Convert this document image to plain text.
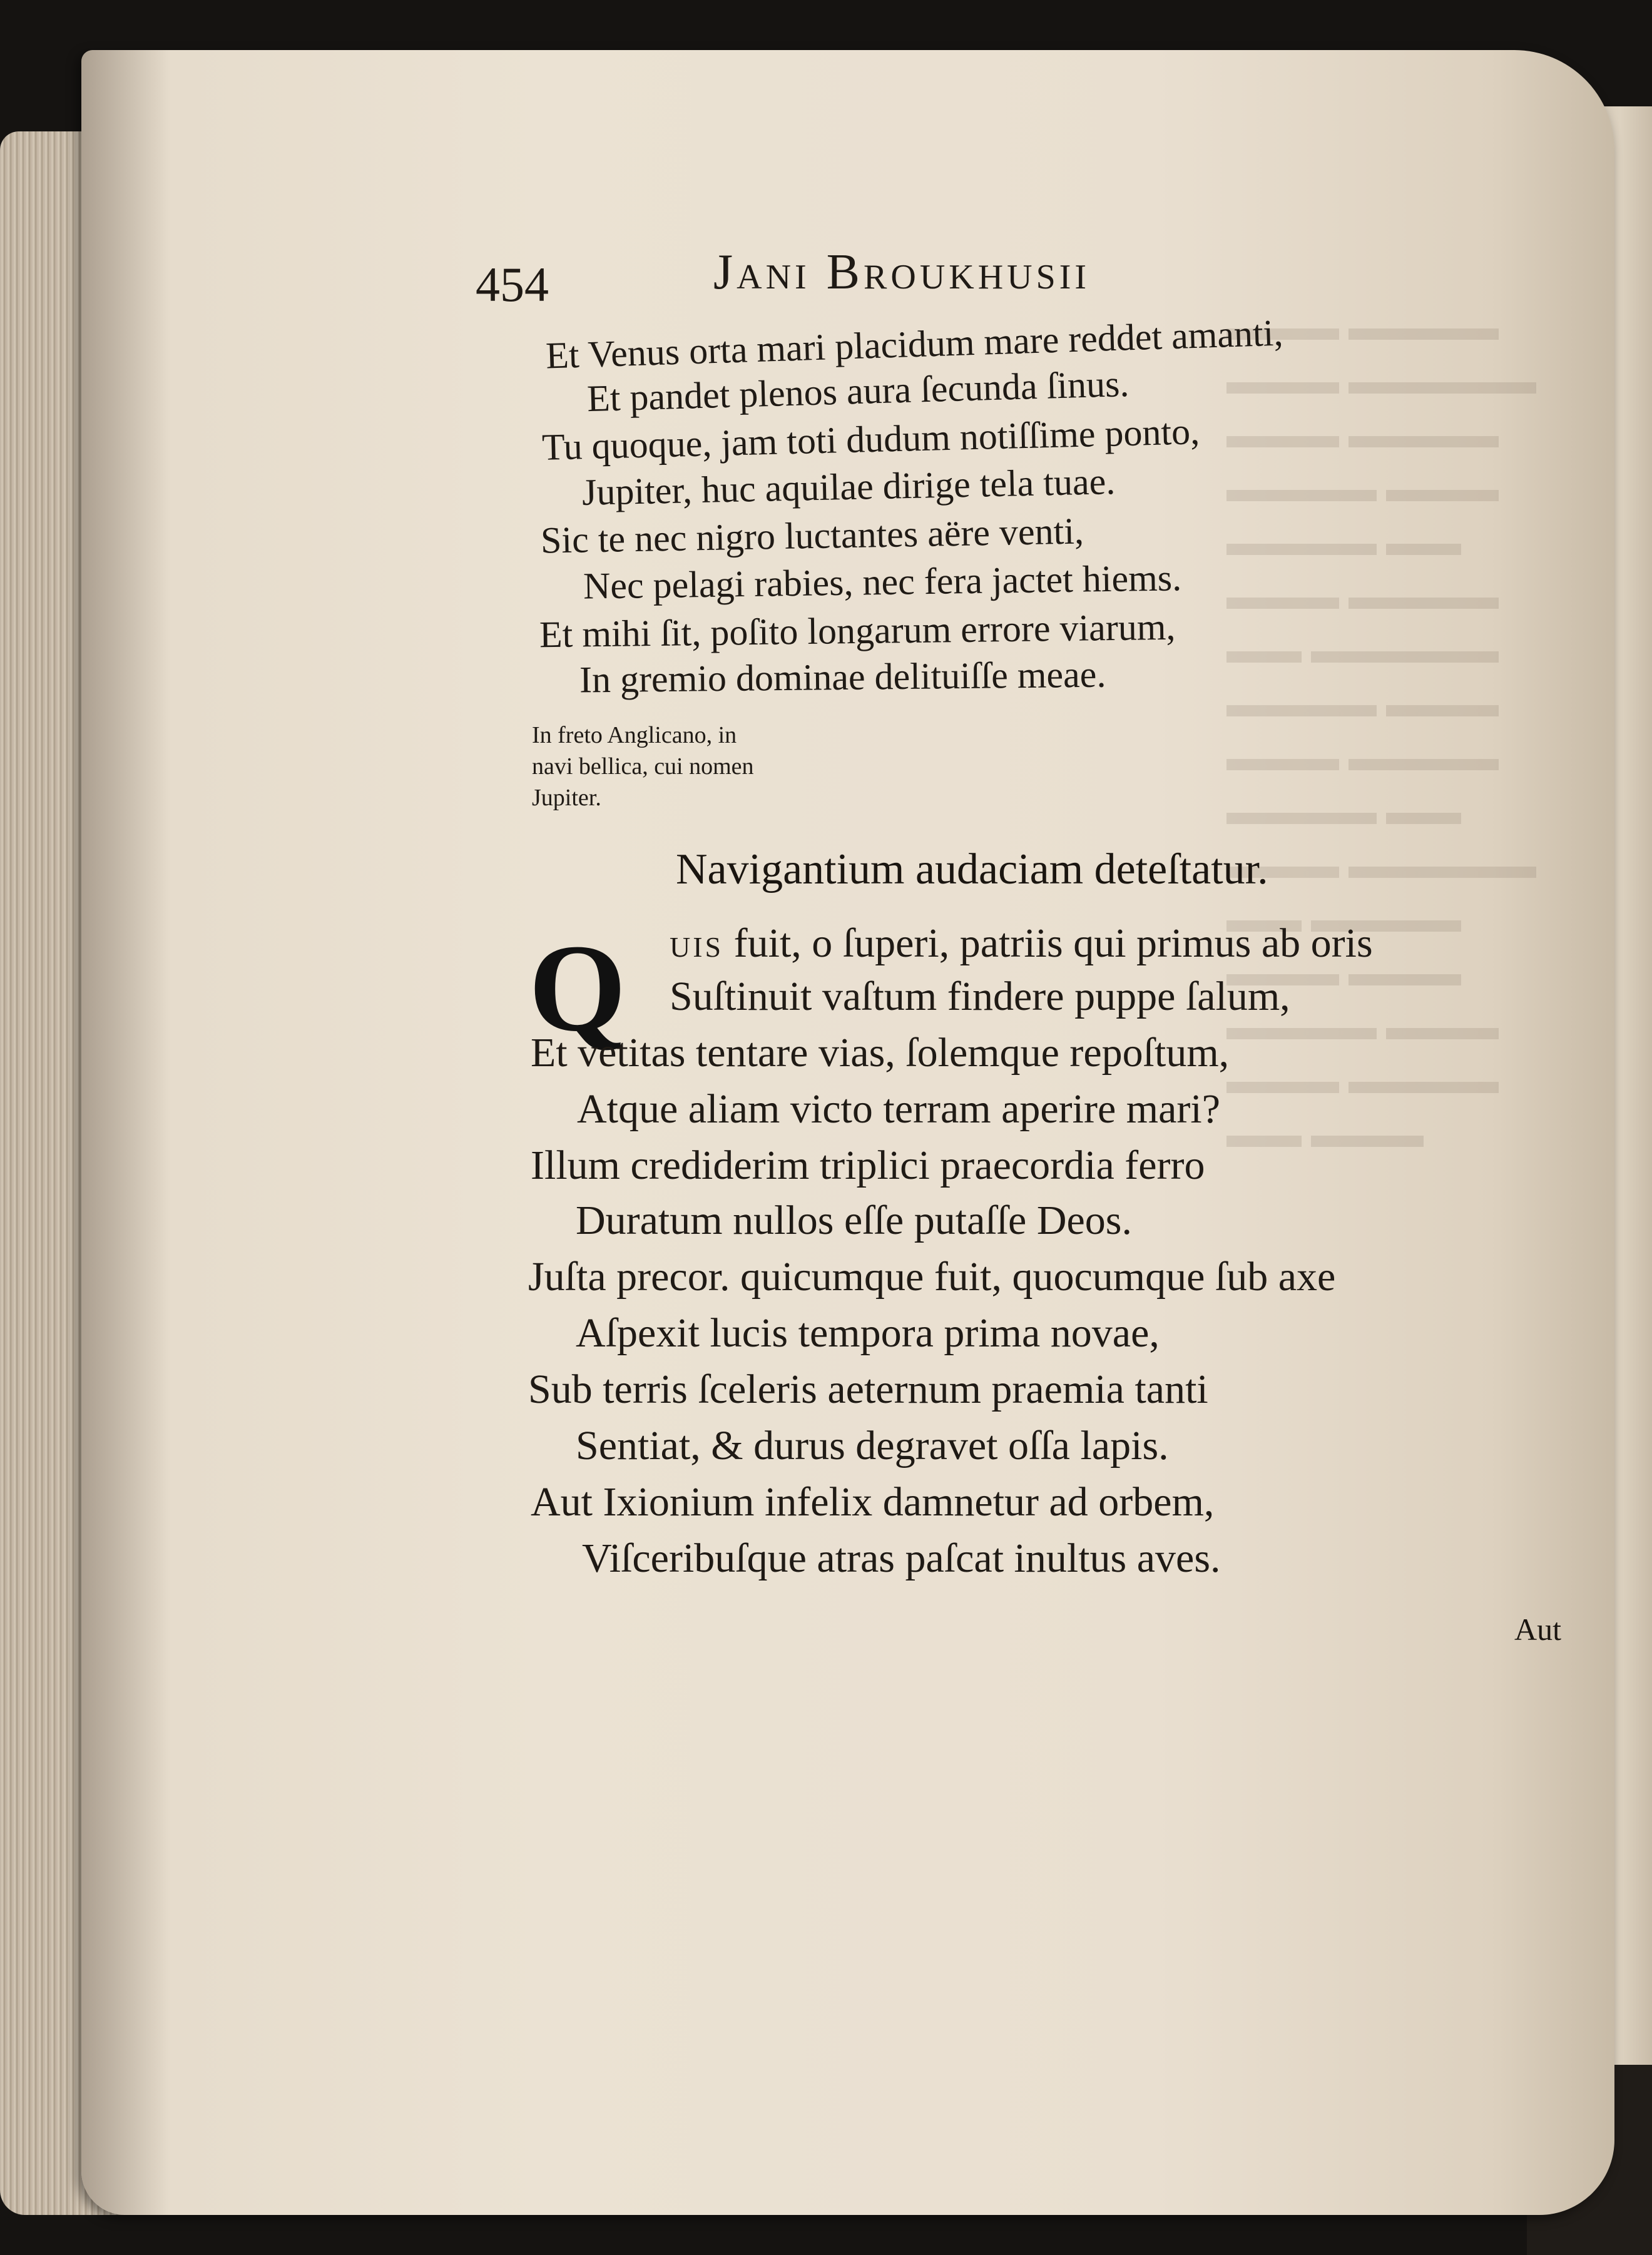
454	Jani Broukhusii
Et Venus orta mari placidum mare reddet amanti,
Et pandet plenos aura ſecunda ſinus.
Tu quoque, jam toti dudum notiſſime ponto,
Jupiter, huc aquilae dirige tela tuae.
Sic te nec nigro luctantes aëre venti,
Nec pelagi rabies, nec fera jactet hiems.
Et mihi ſit, poſito longarum errore viarum,
In gremio dominae delituiſſe meae.
In freto Anglicano, in
navi bellica, cui nomen
Jupiter.
Navigantium audaciam deteſtatur.
Q uis fuit, o ſuperi, patriis qui primus ab oris
Suſtinuit vaſtum findere puppe ſalum,
Et vetitas tentare vias, ſolemque repoſtum,
Atque aliam victo terram aperire mari?
Illum crediderim triplici praecordia ferro
Duratum nullos eſſe putaſſe Deos.
Juſta precor. quicumque fuit, quocumque ſub axe
Aſpexit lucis tempora prima novae,
Sub terris ſceleris aeternum praemia tanti
Sentiat, & durus degravet oſſa lapis.
Aut Ixionium infelix damnetur ad orbem,
Viſceribuſque atras paſcat inultus aves.
Aut
